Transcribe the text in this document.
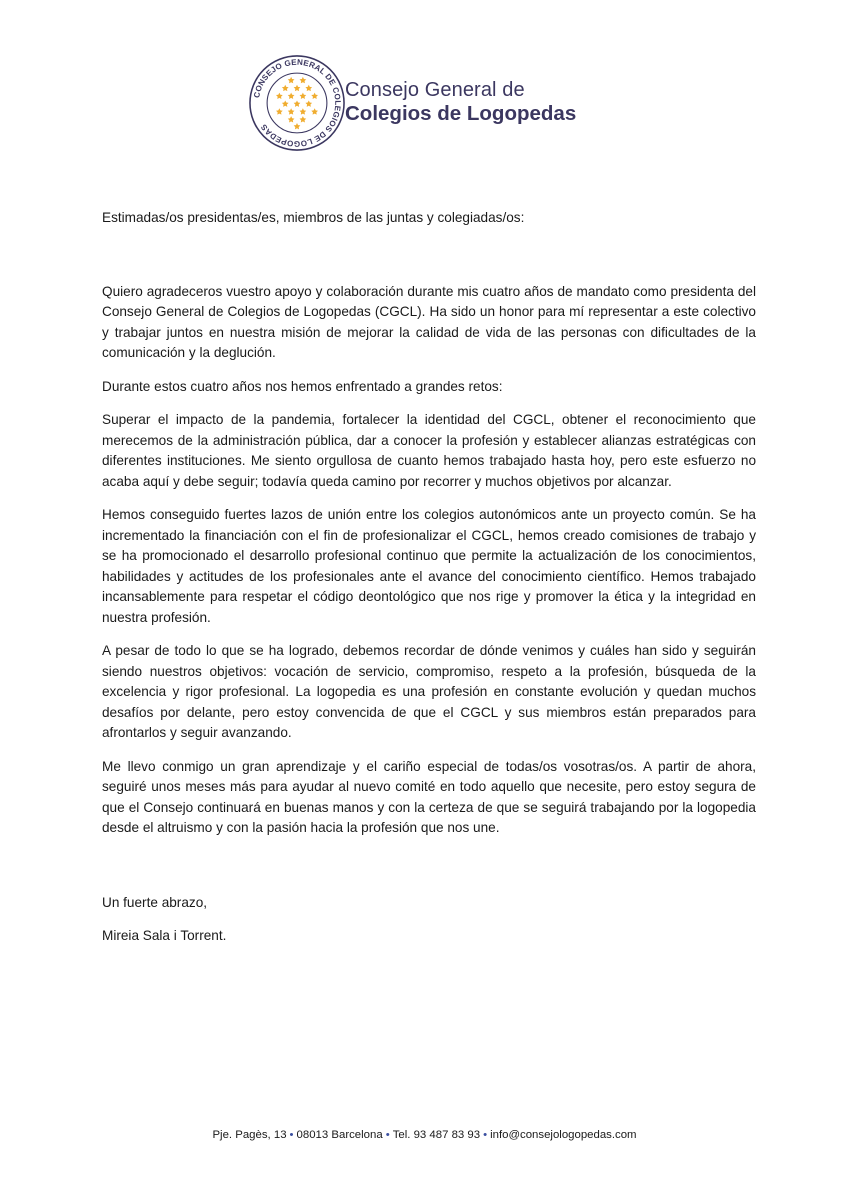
CONSEJO GENERAL DE COLEGIOS DE LOGOPEDAS
Consejo General de
Colegios de Logopedas

Estimadas/os presidentas/es, miembros de las juntas y colegiadas/os:

Quiero agradeceros vuestro apoyo y colaboración durante mis cuatro años de mandato como presidenta del Consejo General de Colegios de Logopedas (CGCL). Ha sido un honor para mí representar a este colectivo y trabajar juntos en nuestra misión de mejorar la calidad de vida de las personas con dificultades de la comunicación y la deglución.

Durante estos cuatro años nos hemos enfrentado a grandes retos:

Superar el impacto de la pandemia, fortalecer la identidad del CGCL, obtener el reconocimiento que merecemos de la administración pública, dar a conocer la profesión y establecer alianzas estratégicas con diferentes instituciones. Me siento orgullosa de cuanto hemos trabajado hasta hoy, pero este esfuerzo no acaba aquí y debe seguir; todavía queda camino por recorrer y muchos objetivos por alcanzar.

Hemos conseguido fuertes lazos de unión entre los colegios autonómicos ante un proyecto común. Se ha incrementado la financiación con el fin de profesionalizar el CGCL, hemos creado comisiones de trabajo y se ha promocionado el desarrollo profesional continuo que permite la actualización de los conocimientos, habilidades y actitudes de los profesionales ante el avance del conocimiento científico. Hemos trabajado incansablemente para respetar el código deontológico que nos rige y promover la ética y la integridad en nuestra profesión.

A pesar de todo lo que se ha logrado, debemos recordar de dónde venimos y cuáles han sido y seguirán siendo nuestros objetivos: vocación de servicio, compromiso, respeto a la profesión, búsqueda de la excelencia y rigor profesional. La logopedia es una profesión en constante evolución y quedan muchos desafíos por delante, pero estoy convencida de que el CGCL y sus miembros están preparados para afrontarlos y seguir avanzando.

Me llevo conmigo un gran aprendizaje y el cariño especial de todas/os vosotras/os. A partir de ahora, seguiré unos meses más para ayudar al nuevo comité en todo aquello que necesite, pero estoy segura de que el Consejo continuará en buenas manos y con la certeza de que se seguirá trabajando por la logopedia desde el altruismo y con la pasión hacia la profesión que nos une.

Un fuerte abrazo,

Mireia Sala i Torrent.

Pje. Pagès, 13 • 08013 Barcelona • Tel. 93 487 83 93 • info@consejologopedas.com
